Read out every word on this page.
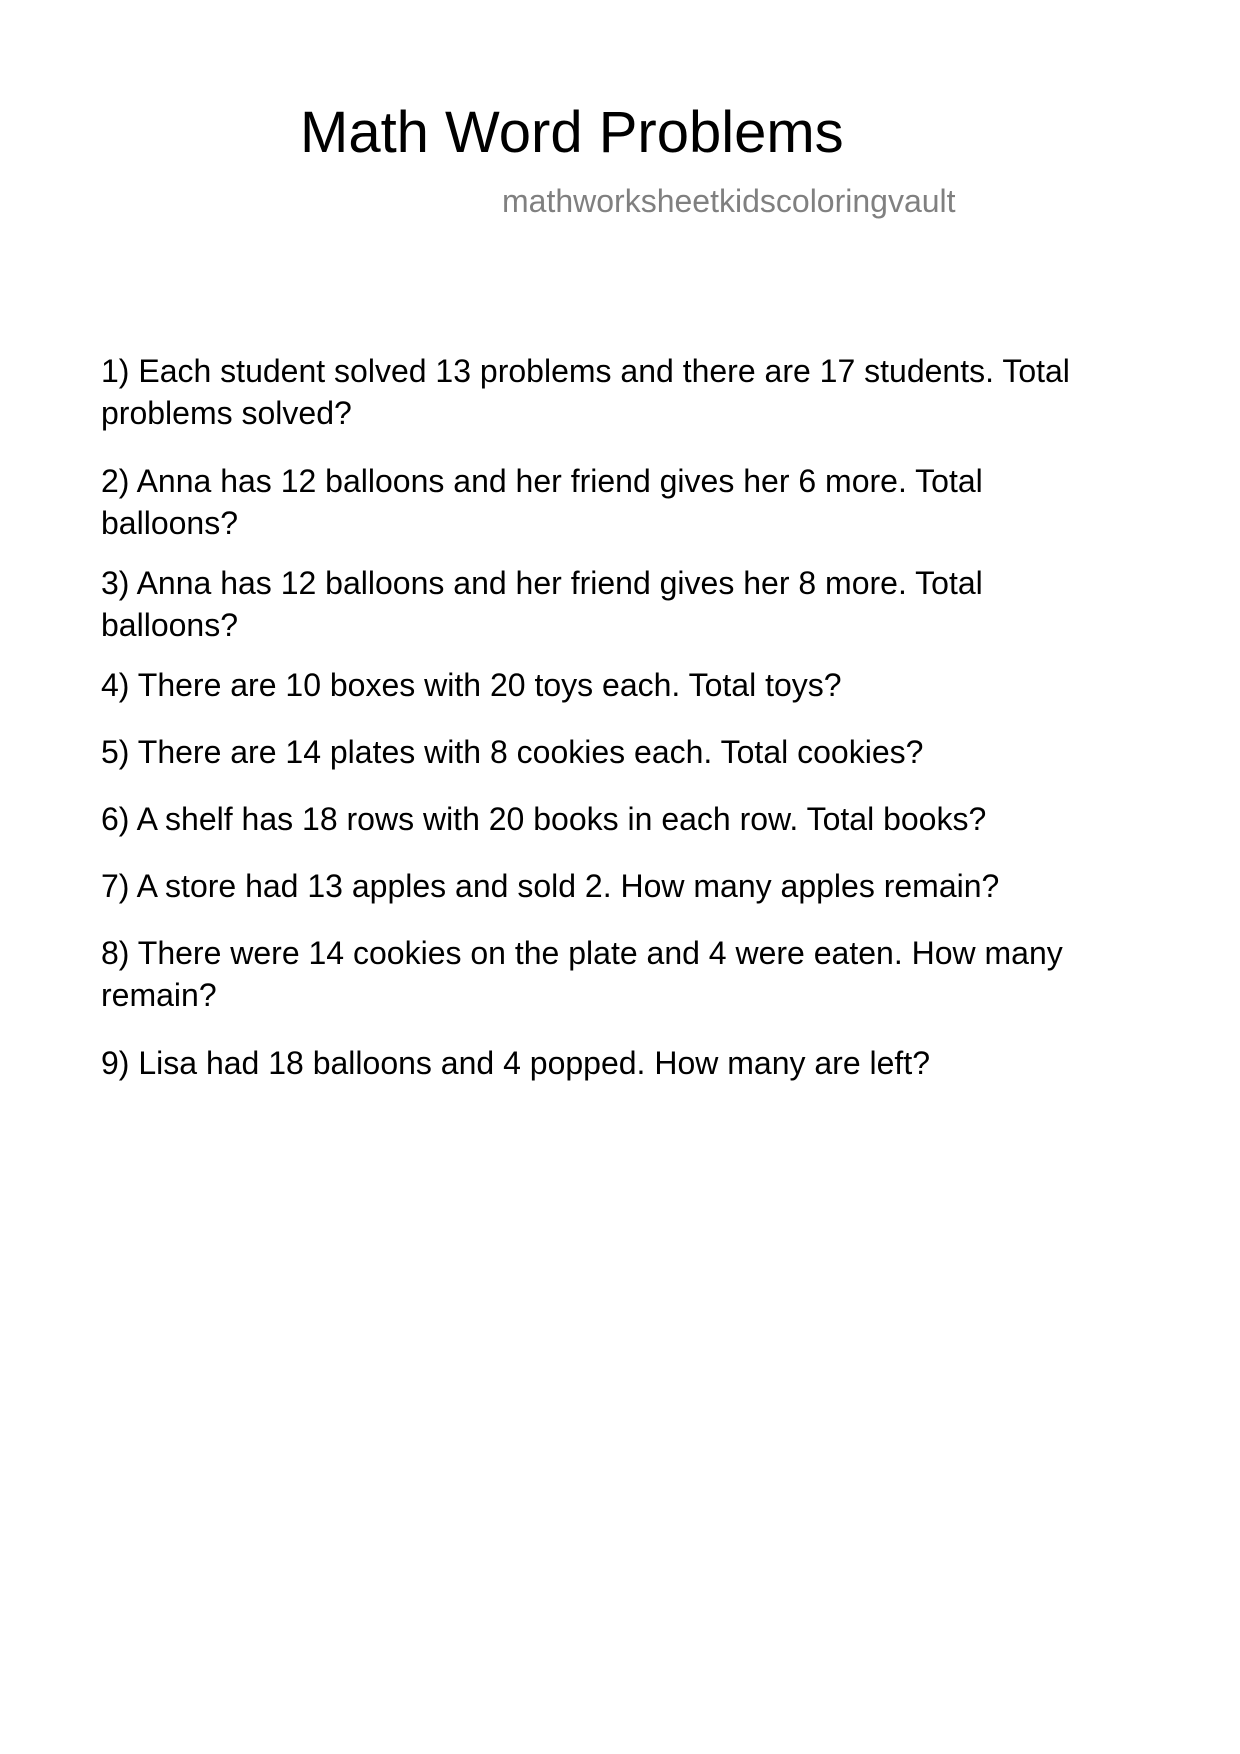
Math Word Problems

mathworksheetkidscoloringvault

1) Each student solved 13 problems and there are 17 students. Total problems solved?
2) Anna has 12 balloons and her friend gives her 6 more. Total balloons?
3) Anna has 12 balloons and her friend gives her 8 more. Total balloons?
4) There are 10 boxes with 20 toys each. Total toys?
5) There are 14 plates with 8 cookies each. Total cookies?
6) A shelf has 18 rows with 20 books in each row. Total books?
7) A store had 13 apples and sold 2. How many apples remain?
8) There were 14 cookies on the plate and 4 were eaten. How many remain?
9) Lisa had 18 balloons and 4 popped. How many are left?
